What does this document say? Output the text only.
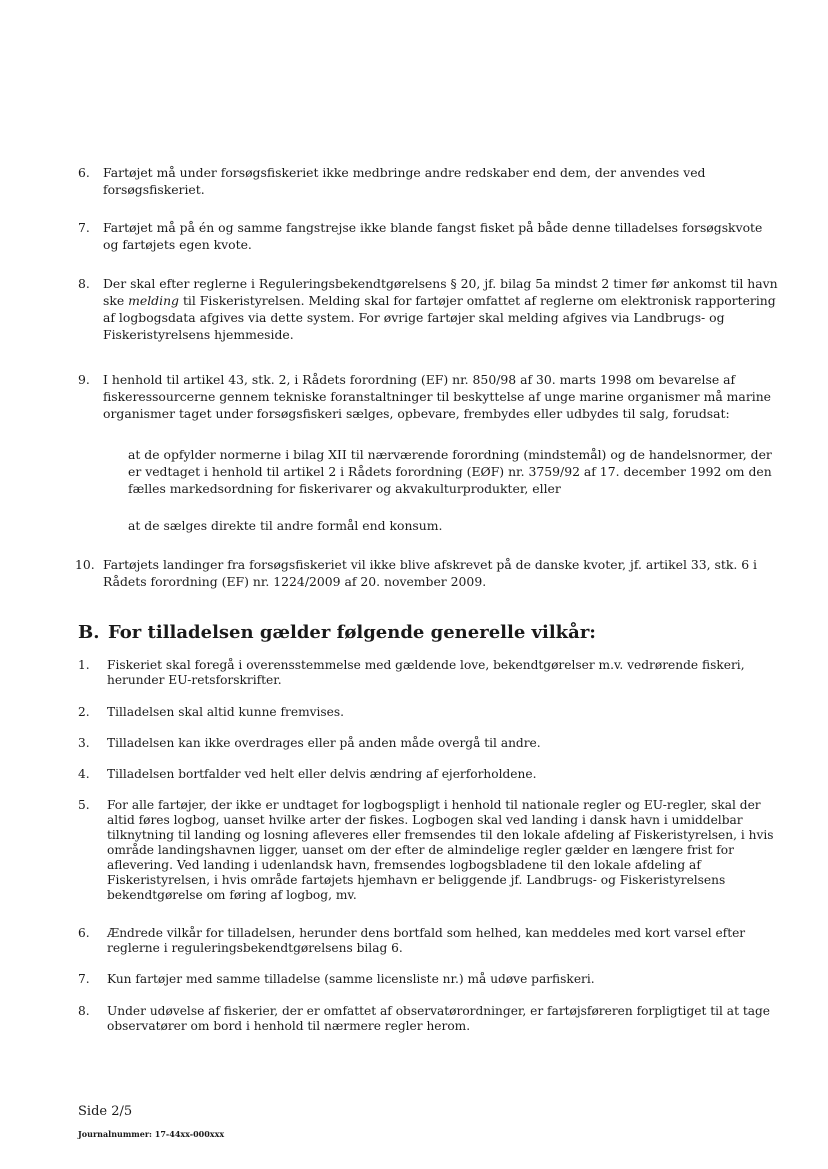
6. Fartøjet må under forsøgsfiskeriet ikke medbringe andre redskaber end dem, der anvendes ved forsøgsfiskeriet.
7. Fartøjet må på én og samme fangstrejse ikke blande fangst fisket på både denne tilladelses forsøgskvote og fartøjets egen kvote.
8. Der skal efter reglerne i Reguleringsbekendtgørelsens § 20, jf. bilag 5a mindst 2 timer før ankomst til havn ske melding til Fiskeristyrelsen. Melding skal for fartøjer omfattet af reglerne om elektronisk rapportering af logbogsdata afgives via dette system. For øvrige fartøjer skal melding afgives via Landbrugs- og Fiskeristyrelsens hjemmeside.
9. I henhold til artikel 43, stk. 2, i Rådets forordning (EF) nr. 850/98 af 30. marts 1998 om bevarelse af fiskeressourcerne gennem tekniske foranstaltninger til beskyttelse af unge marine organismer må marine organismer taget under forsøgsfiskeri sælges, opbevare, frembydes eller udbydes til salg, forudsat:
at de opfylder normerne i bilag XII til nærværende forordning (mindstemål) og de handelsnormer, der er vedtaget i henhold til artikel 2 i Rådets forordning (EØF) nr. 3759/92 af 17. december 1992 om den fælles markedsordning for fiskerivarer og akvakulturprodukter, eller
at de sælges direkte til andre formål end konsum.
10. Fartøjets landinger fra forsøgsfiskeriet vil ikke blive afskrevet på de danske kvoter, jf. artikel 33, stk. 6 i Rådets forordning (EF) nr. 1224/2009 af 20. november 2009.
B. For tilladelsen gælder følgende generelle vilkår:
1. Fiskeriet skal foregå i overensstemmelse med gældende love, bekendtgørelser m.v. vedrørende fiskeri, herunder EU-retsforskrifter.
2. Tilladelsen skal altid kunne fremvises.
3. Tilladelsen kan ikke overdrages eller på anden måde overgå til andre.
4. Tilladelsen bortfalder ved helt eller delvis ændring af ejerforholdene.
5. For alle fartøjer, der ikke er undtaget for logbogspligt i henhold til nationale regler og EU-regler, skal der altid føres logbog, uanset hvilke arter der fiskes. Logbogen skal ved landing i dansk havn i umiddelbar tilknytning til landing og losning afleveres eller fremsendes til den lokale afdeling af Fiskeristyrelsen, i hvis område landingshavnen ligger, uanset om der efter de almindelige regler gælder en længere frist for aflevering. Ved landing i udenlandsk havn, fremsendes logbogsbladene til den lokale afdeling af Fiskeristyrelsen, i hvis område fartøjets hjemhavn er beliggende jf. Landbrugs- og Fiskeristyrelsens bekendtgørelse om føring af logbog, mv.
6. Ændrede vilkår for tilladelsen, herunder dens bortfald som helhed, kan meddeles med kort varsel efter reglerne i reguleringsbekendtgørelsens bilag 6.
7. Kun fartøjer med samme tilladelse (samme licensliste nr.) må udøve parfiskeri.
8. Under udøvelse af fiskerier, der er omfattet af observatørordninger, er fartøjsføreren forpligtiget til at tage observatører om bord i henhold til nærmere regler herom.
Side 2/5
Journalnummer: 17-44xx-000xxx
